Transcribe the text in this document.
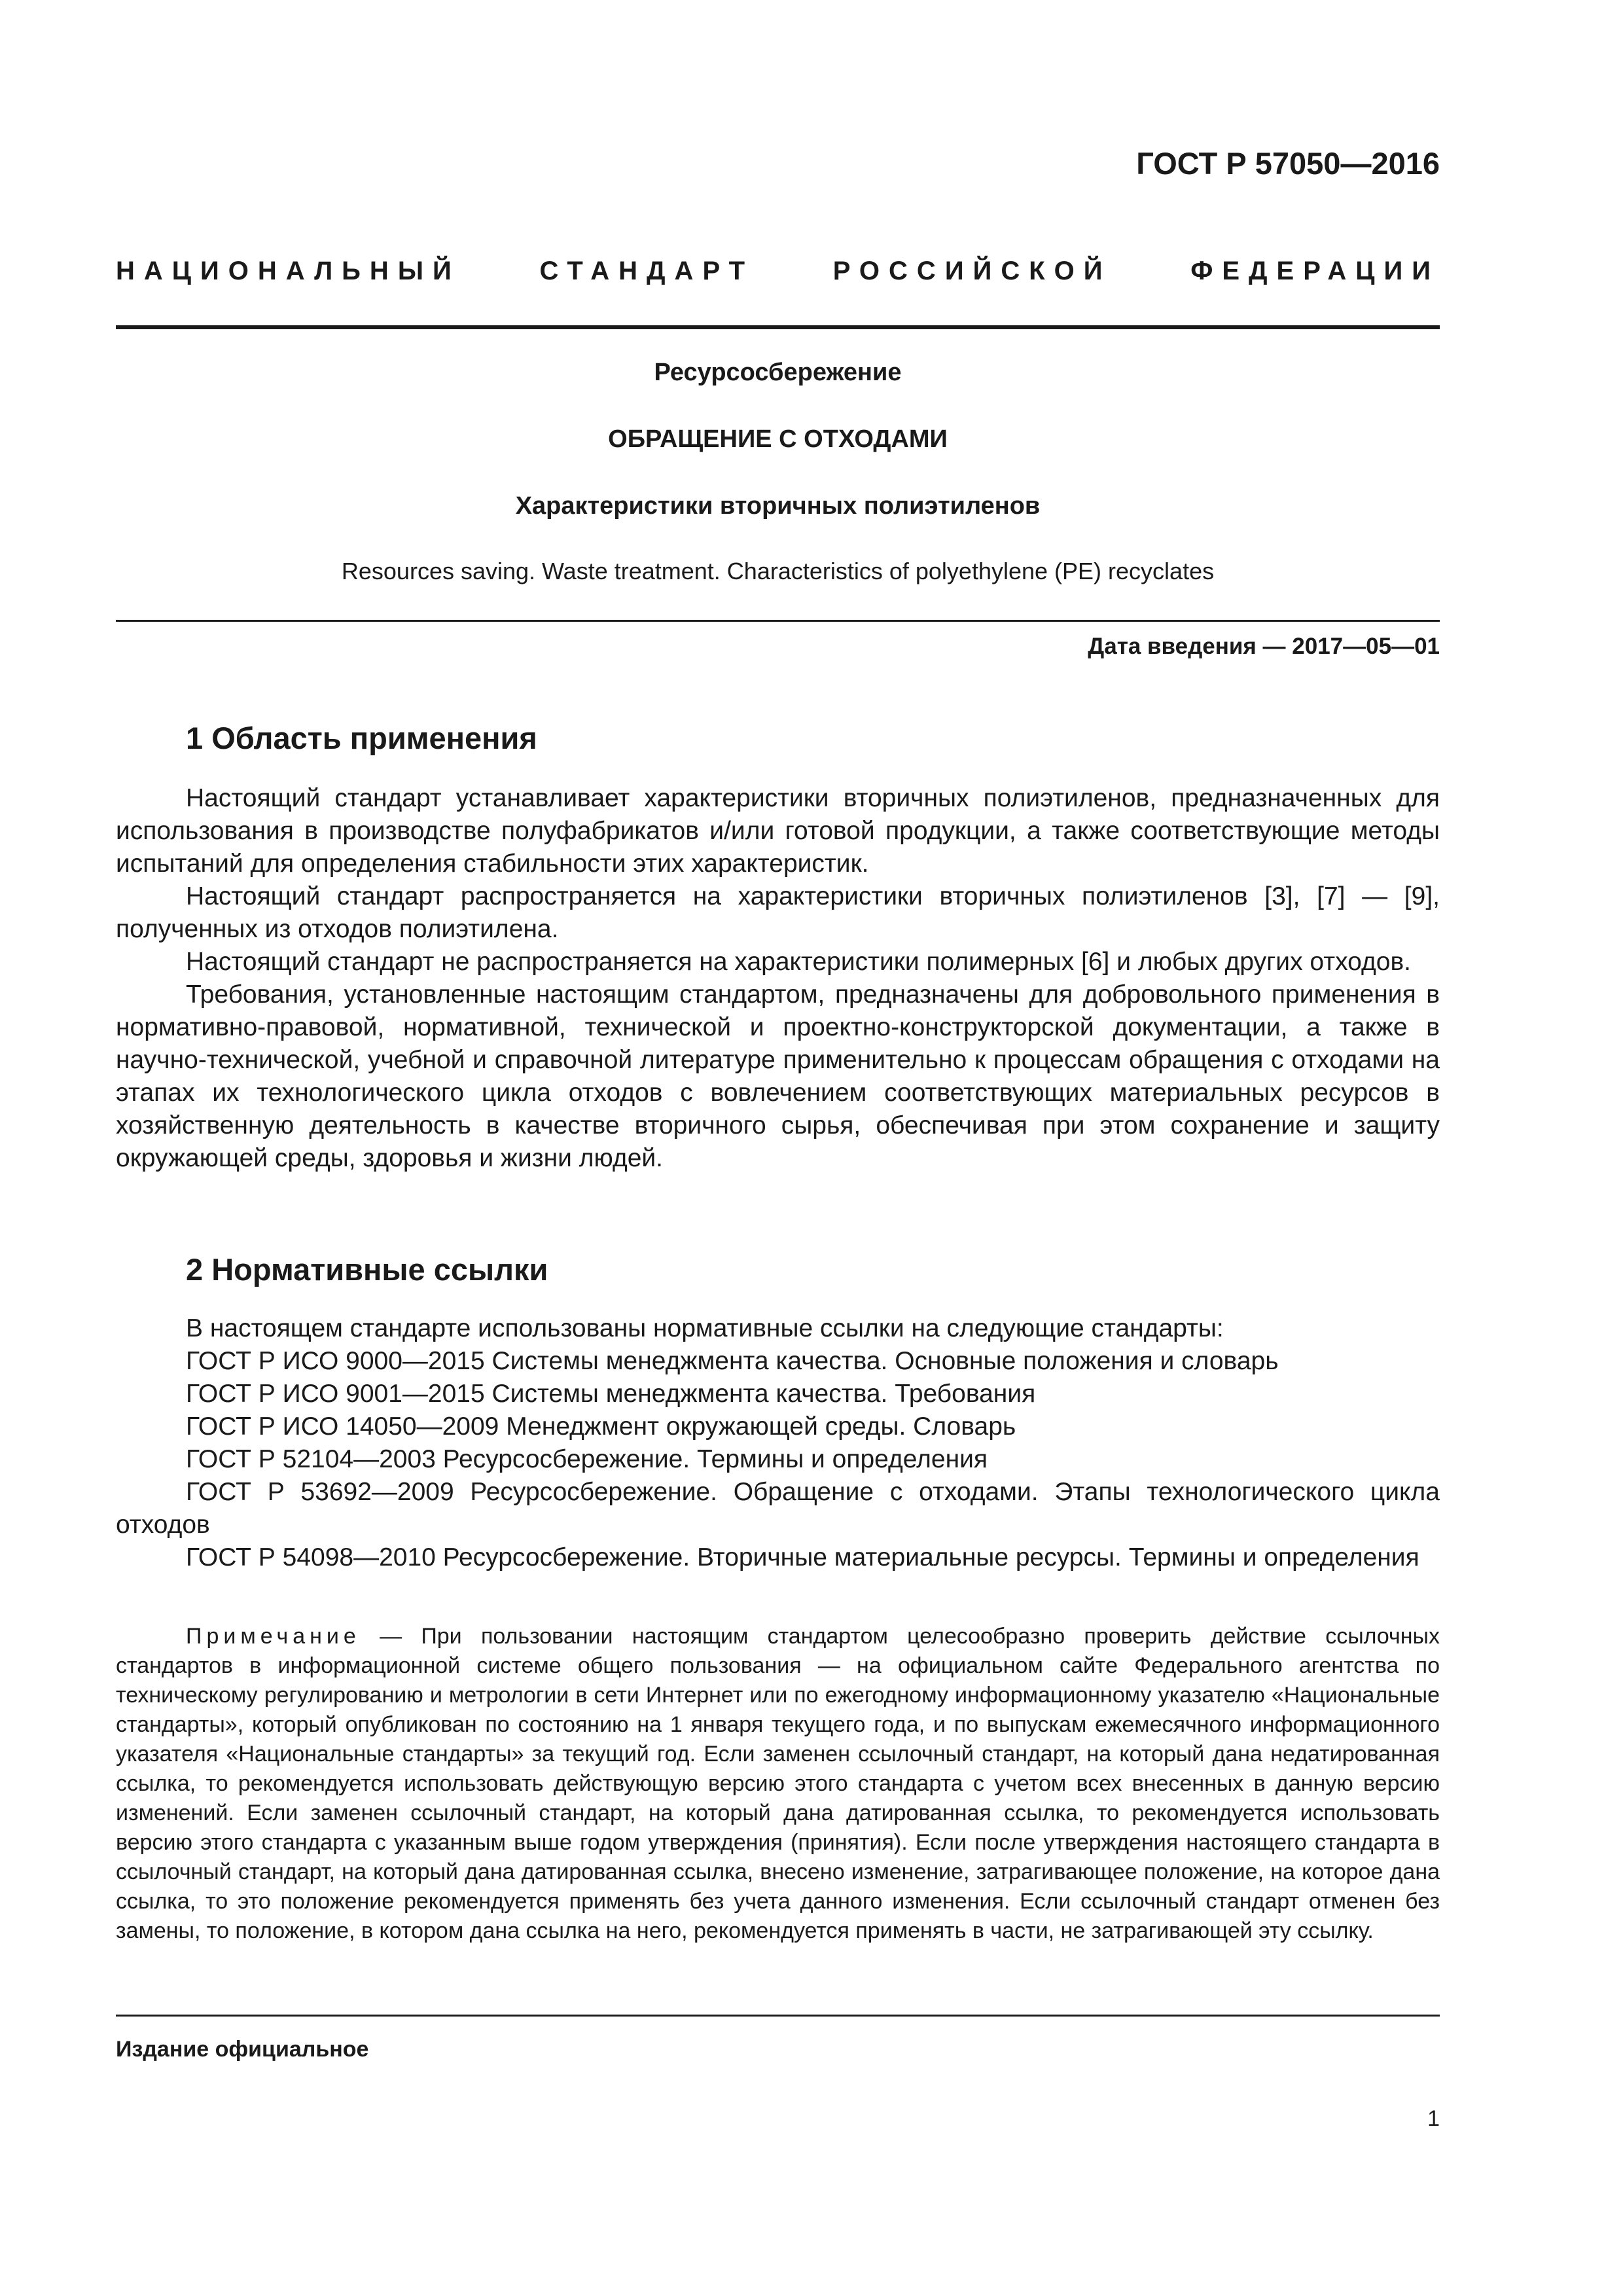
ГОСТ Р 57050—2016

НАЦИОНАЛЬНЫЙ СТАНДАРТ РОССИЙСКОЙ ФЕДЕРАЦИИ

Ресурсосбережение

ОБРАЩЕНИЕ С ОТХОДАМИ

Характеристики вторичных полиэтиленов

Resources saving. Waste treatment. Characteristics of polyethylene (PE) recyclates

Дата введения — 2017—05—01

1 Область применения

Настоящий стандарт устанавливает характеристики вторичных полиэтиленов, предназначенных для использования в производстве полуфабрикатов и/или готовой продукции, а также соответствующие методы испытаний для определения стабильности этих характеристик.

Настоящий стандарт распространяется на характеристики вторичных полиэтиленов [3], [7] — [9], полученных из отходов полиэтилена.

Настоящий стандарт не распространяется на характеристики полимерных [6] и любых других отходов.

Требования, установленные настоящим стандартом, предназначены для добровольного применения в нормативно-правовой, нормативной, технической и проектно-конструкторской документации, а также в научно-технической, учебной и справочной литературе применительно к процессам обращения с отходами на этапах их технологического цикла отходов с вовлечением соответствующих материальных ресурсов в хозяйственную деятельность в качестве вторичного сырья, обеспечивая при этом сохранение и защиту окружающей среды, здоровья и жизни людей.

2 Нормативные ссылки

В настоящем стандарте использованы нормативные ссылки на следующие стандарты:

ГОСТ Р ИСО 9000—2015 Системы менеджмента качества. Основные положения и словарь

ГОСТ Р ИСО 9001—2015 Системы менеджмента качества. Требования

ГОСТ Р ИСО 14050—2009 Менеджмент окружающей среды. Словарь

ГОСТ Р 52104—2003 Ресурсосбережение. Термины и определения

ГОСТ Р 53692—2009 Ресурсосбережение. Обращение с отходами. Этапы технологического цикла отходов

ГОСТ Р 54098—2010 Ресурсосбережение. Вторичные материальные ресурсы. Термины и определения

Примечание — При пользовании настоящим стандартом целесообразно проверить действие ссылочных стандартов в информационной системе общего пользования — на официальном сайте Федерального агентства по техническому регулированию и метрологии в сети Интернет или по ежегодному информационному указателю «Национальные стандарты», который опубликован по состоянию на 1 января текущего года, и по выпускам ежемесячного информационного указателя «Национальные стандарты» за текущий год. Если заменен ссылочный стандарт, на который дана недатированная ссылка, то рекомендуется использовать действующую версию этого стандарта с учетом всех внесенных в данную версию изменений. Если заменен ссылочный стандарт, на который дана датированная ссылка, то рекомендуется использовать версию этого стандарта с указанным выше годом утверждения (принятия). Если после утверждения настоящего стандарта в ссылочный стандарт, на который дана датированная ссылка, внесено изменение, затрагивающее положение, на которое дана ссылка, то это положение рекомендуется применять без учета данного изменения. Если ссылочный стандарт отменен без замены, то положение, в котором дана ссылка на него, рекомендуется применять в части, не затрагивающей эту ссылку.

Издание официальное

1
